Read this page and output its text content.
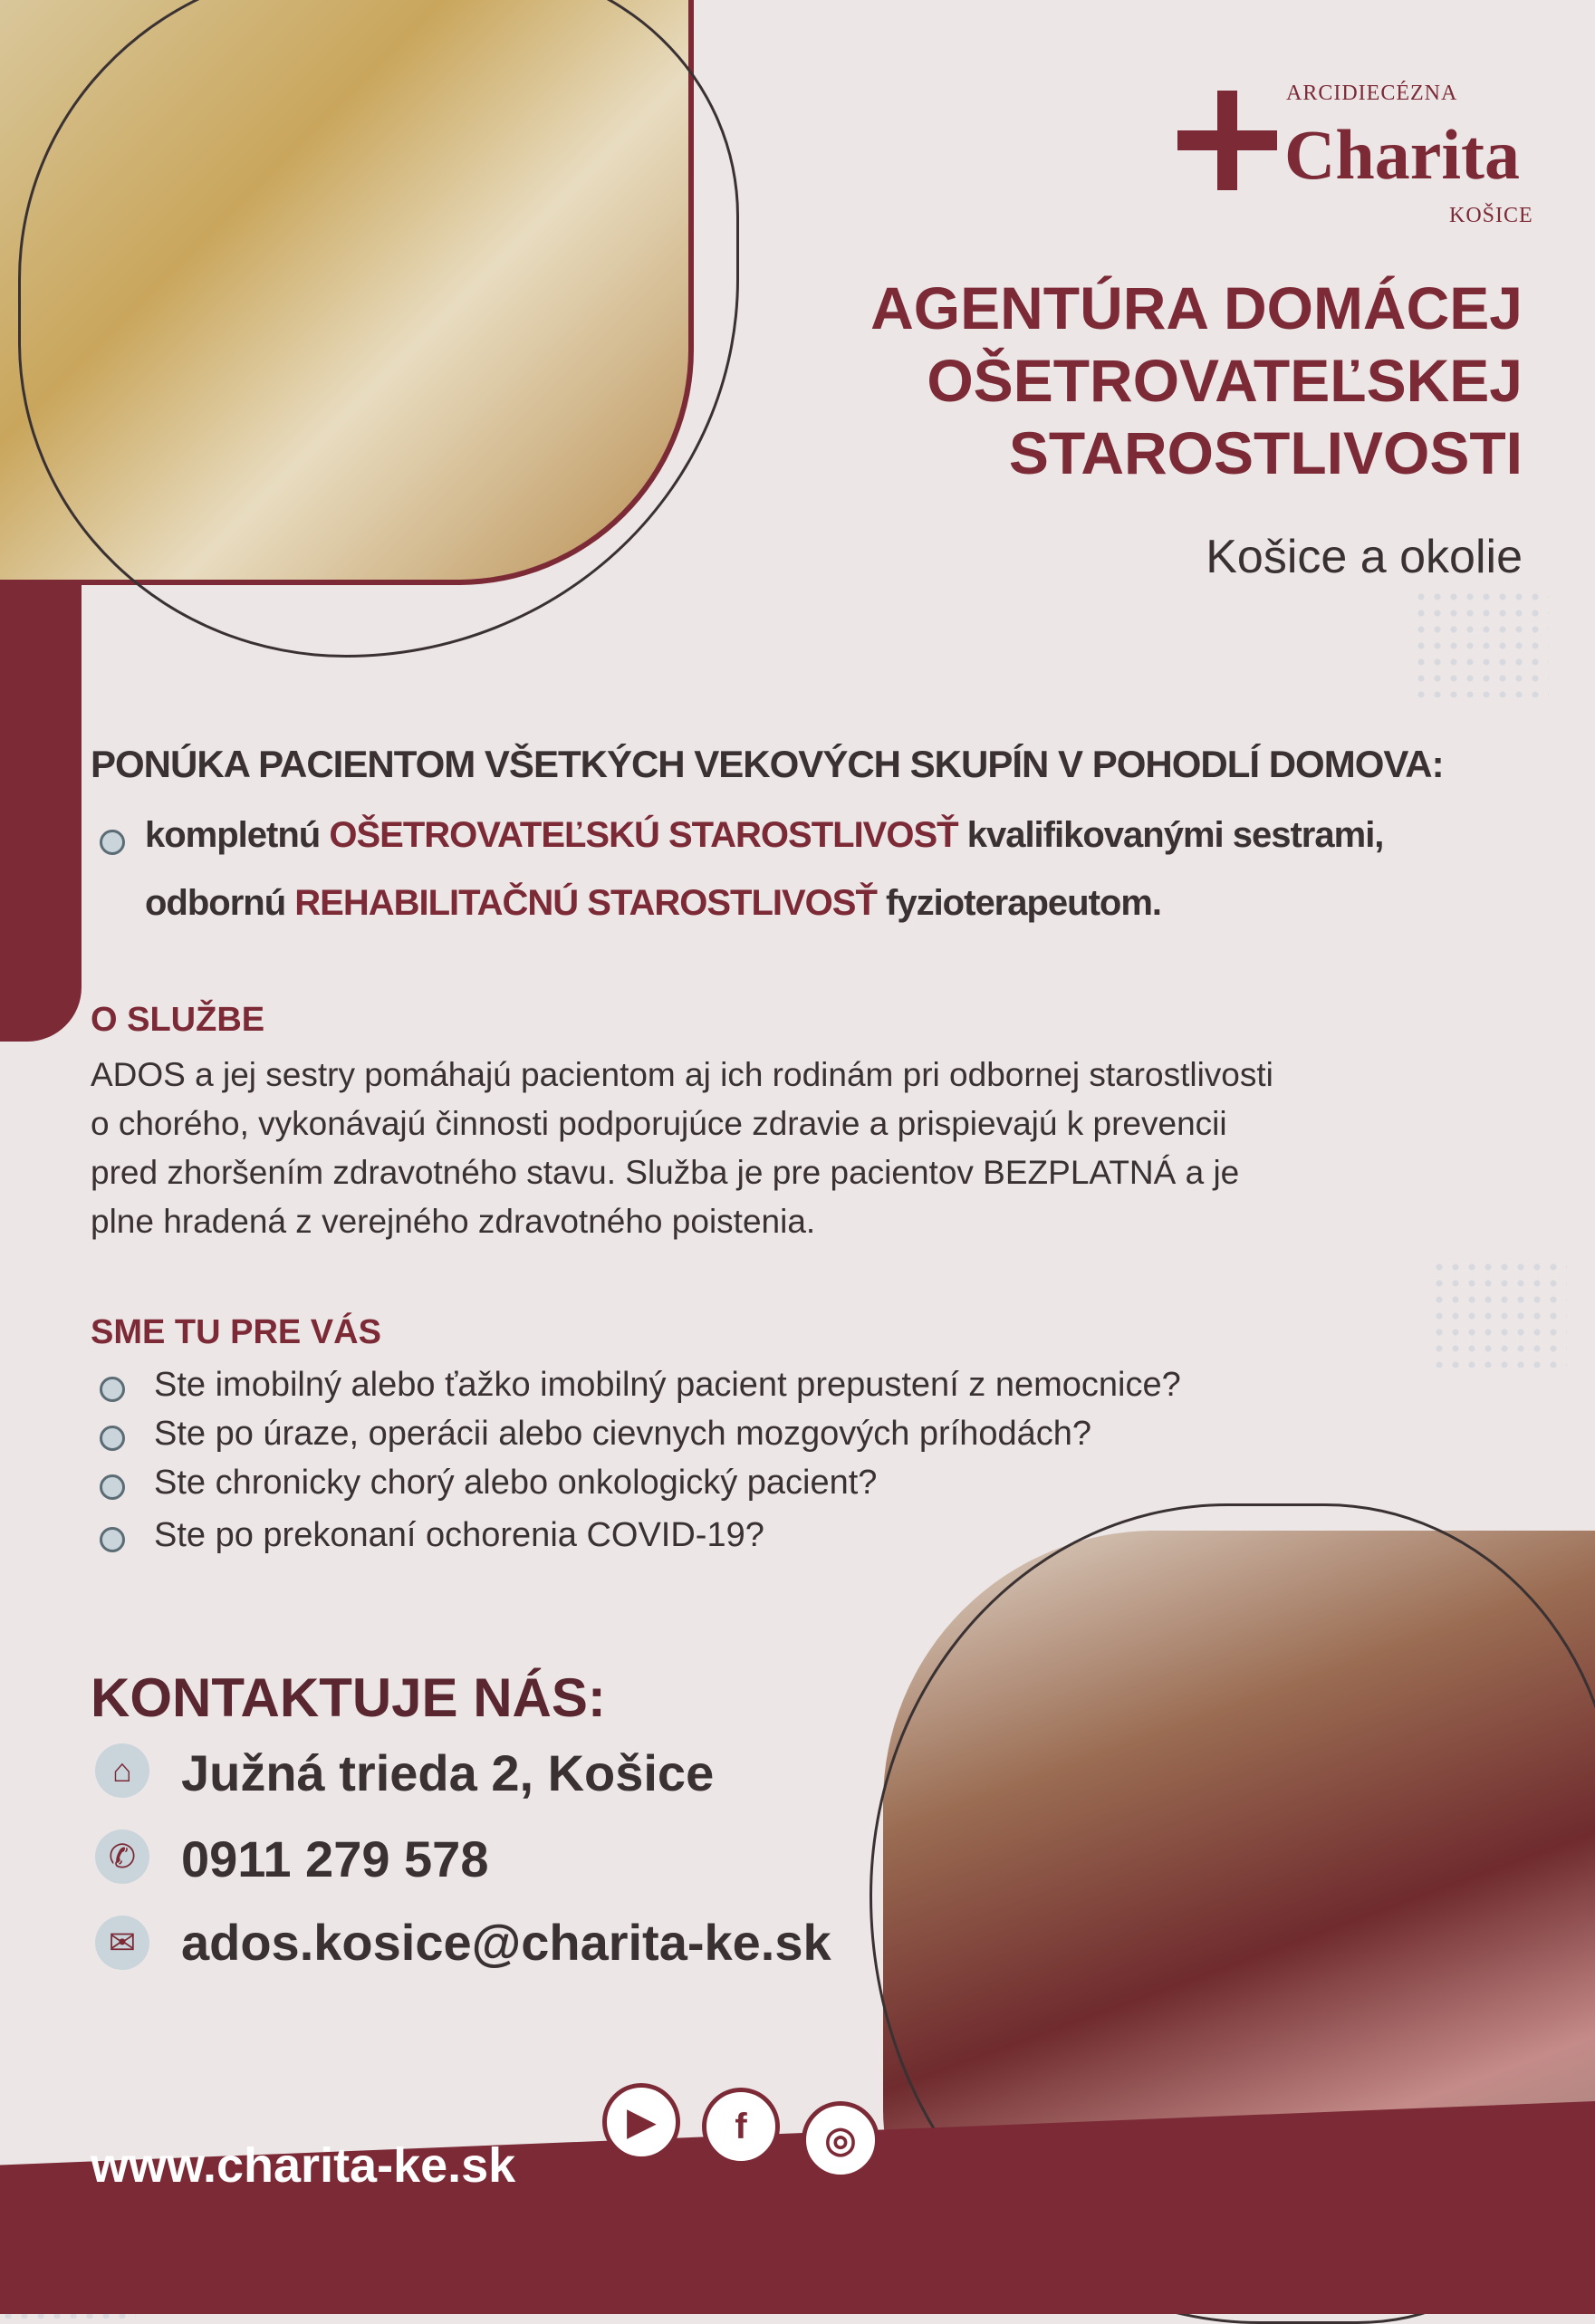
ARCIDIECÉZNA
Charita
KOŠICE
AGENTÚRA DOMÁCEJ
OŠETROVATEĽSKEJ
STAROSTLIVOSTI
Košice a okolie
PONÚKA PACIENTOM VŠETKÝCH VEKOVÝCH SKUPÍN V POHODLÍ DOMOVA:
kompletnú OŠETROVATEĽSKÚ STAROSTLIVOSŤ kvalifikovanými sestrami,
odbornú REHABILITAČNÚ STAROSTLIVOSŤ fyzioterapeutom.
O SLUŽBE
ADOS a jej sestry pomáhajú pacientom aj ich rodinám pri odbornej starostlivosti
o chorého, vykonávajú činnosti podporujúce zdravie a prispievajú k prevencii
pred zhoršením zdravotného stavu. Služba je pre pacientov BEZPLATNÁ a je
plne hradená z verejného zdravotného poistenia.
SME TU PRE VÁS
Ste imobilný alebo ťažko imobilný pacient prepustení z nemocnice?
Ste po úraze, operácii alebo cievnych mozgových príhodách?
Ste chronicky chorý alebo onkologický pacient?
Ste po prekonaní ochorenia COVID-19?
KONTAKTUJE NÁS:
⌂ Južná trieda 2, Košice
✆ 0911 279 578
✉ ados.kosice@charita-ke.sk
www.charita-ke.sk
▶	f	◎
